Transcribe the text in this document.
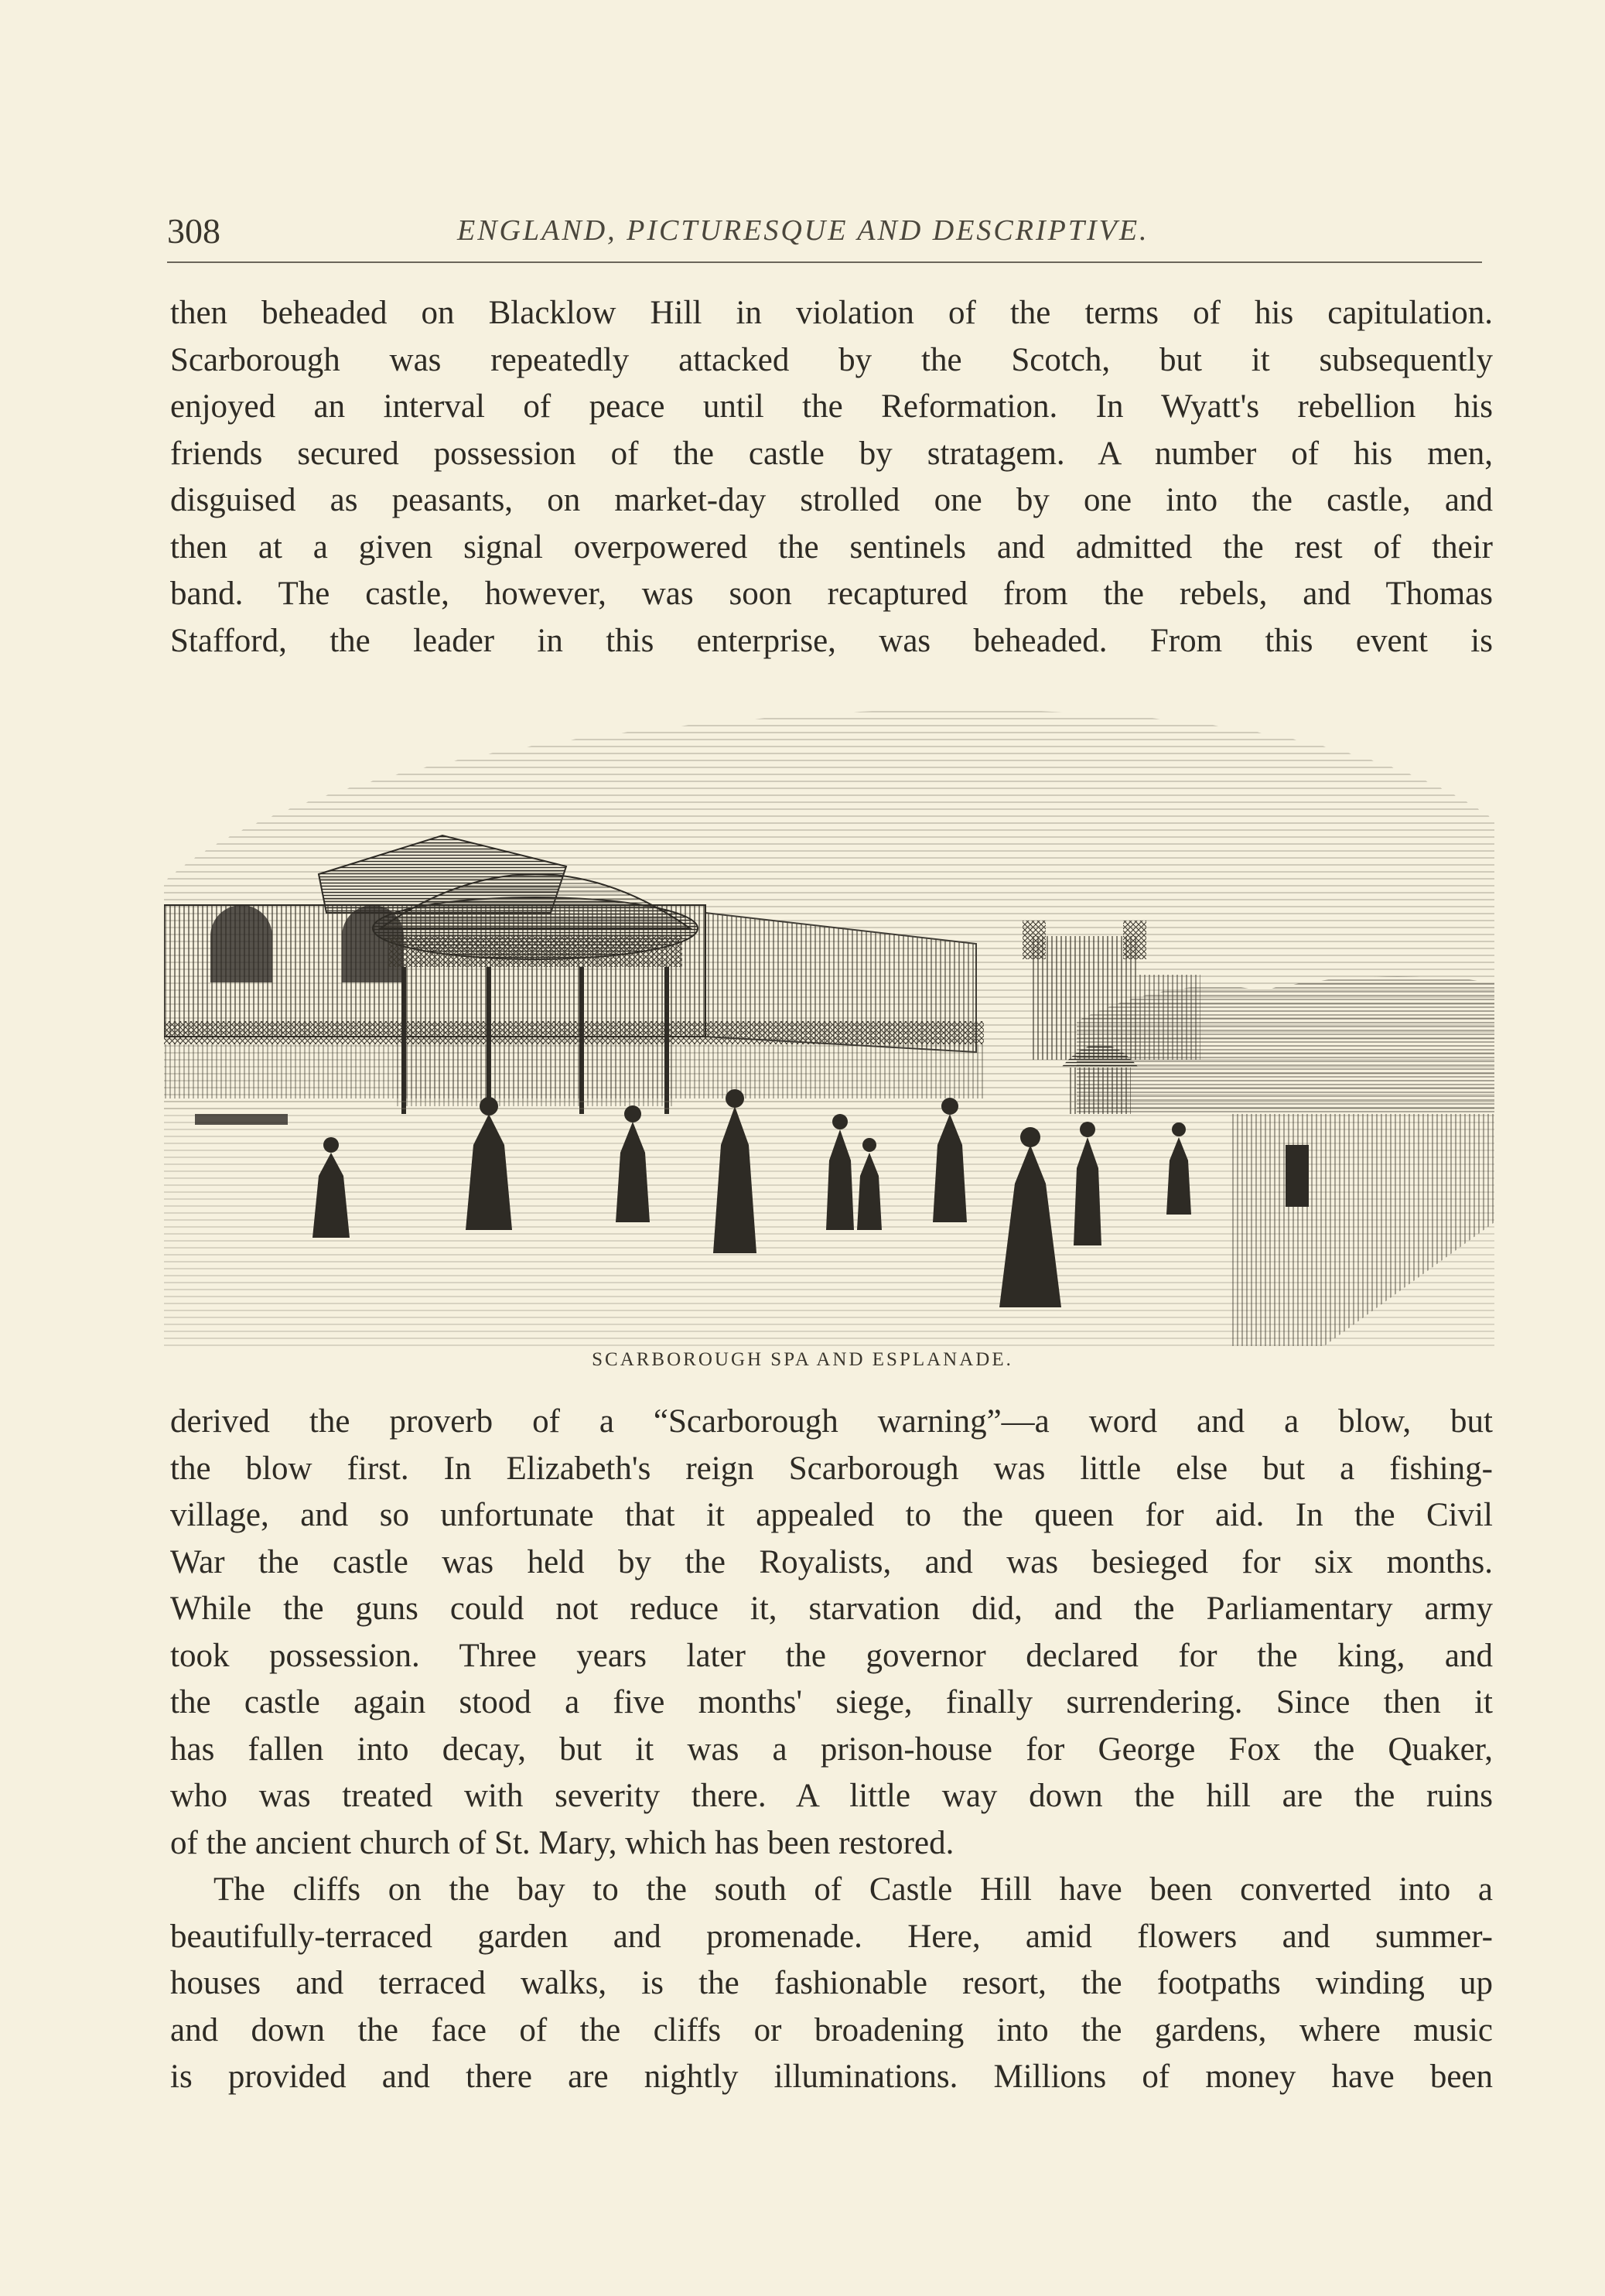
308	ENGLAND, PICTURESQUE AND DESCRIPTIVE.
then beheaded on Blacklow Hill in violation of the terms of his capitulation.
Scarborough was repeatedly attacked by the Scotch, but it subsequently
enjoyed an interval of peace until the Reformation. In Wyatt's rebellion his
friends secured possession of the castle by stratagem. A number of his men,
disguised as peasants, on market-day strolled one by one into the castle, and
then at a given signal overpowered the sentinels and admitted the rest of their
band. The castle, however, was soon recaptured from the rebels, and Thomas
Stafford, the leader in this enterprise, was beheaded. From this event is
SCARBOROUGH SPA AND ESPLANADE.
derived the proverb of a “Scarborough warning”—a word and a blow, but
the blow first. In Elizabeth's reign Scarborough was little else but a fishing-
village, and so unfortunate that it appealed to the queen for aid. In the Civil
War the castle was held by the Royalists, and was besieged for six months.
While the guns could not reduce it, starvation did, and the Parliamentary army
took possession. Three years later the governor declared for the king, and
the castle again stood a five months' siege, finally surrendering. Since then it
has fallen into decay, but it was a prison-house for George Fox the Quaker,
who was treated with severity there. A little way down the hill are the ruins
of the ancient church of St. Mary, which has been restored.
The cliffs on the bay to the south of Castle Hill have been converted into a
beautifully-terraced garden and promenade. Here, amid flowers and summer-
houses and terraced walks, is the fashionable resort, the footpaths winding up
and down the face of the cliffs or broadening into the gardens, where music
is provided and there are nightly illuminations. Millions of money have been
